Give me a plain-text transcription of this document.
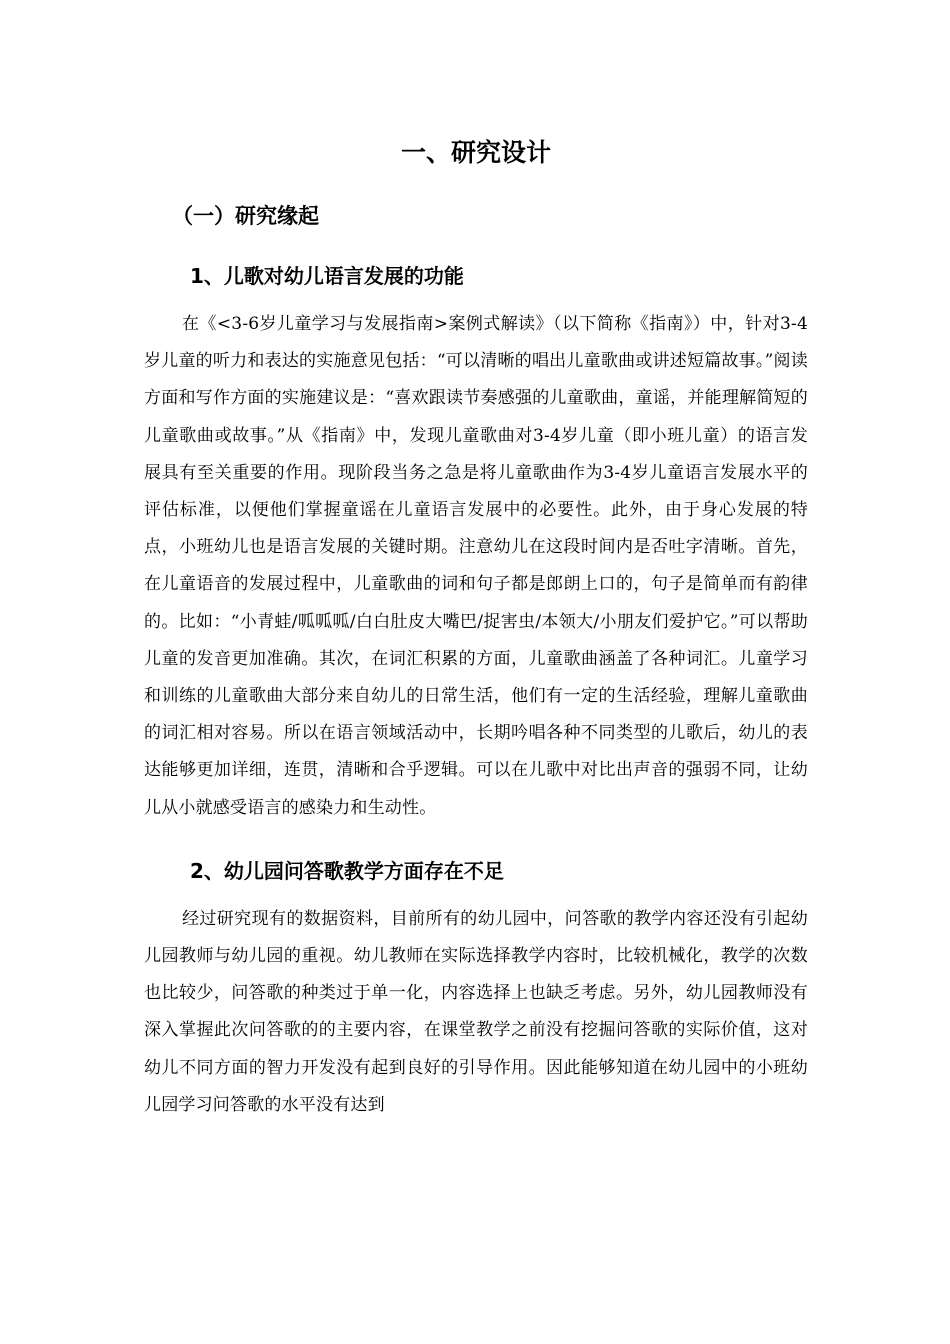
一、研究设计
（一）研究缘起
1、儿歌对幼儿语言发展的功能

在《<3-6岁儿童学习与发展指南>案例式解读》（以下简称《指南》）中，针对3-4岁儿童的听力和表达的实施意见包括：“可以清晰的唱出儿童歌曲或讲述短篇故事。”阅读方面和写作方面的实施建议是：“喜欢跟读节奏感强的儿童歌曲，童谣，并能理解简短的儿童歌曲或故事。”从《指南》中，发现儿童歌曲对3-4岁儿童（即小班儿童）的语言发展具有至关重要的作用。现阶段当务之急是将儿童歌曲作为3-4岁儿童语言发展水平的评估标准，以便他们掌握童谣在儿童语言发展中的必要性。此外，由于身心发展的特点，小班幼儿也是语言发展的关键时期。注意幼儿在这段时间内是否吐字清晰。首先，在儿童语音的发展过程中，儿童歌曲的词和句子都是郎朗上口的，句子是简单而有韵律的。比如：“小青蛙/呱呱呱/白白肚皮大嘴巴/捉害虫/本领大/小朋友们爱护它。”可以帮助儿童的发音更加准确。其次，在词汇积累的方面，儿童歌曲涵盖了各种词汇。儿童学习和训练的儿童歌曲大部分来自幼儿的日常生活，他们有一定的生活经验，理解儿童歌曲的词汇相对容易。所以在语言领域活动中，长期吟唱各种不同类型的儿歌后，幼儿的表达能够更加详细，连贯，清晰和合乎逻辑。可以在儿歌中对比出声音的强弱不同，让幼儿从小就感受语言的感染力和生动性。

2、幼儿园问答歌教学方面存在不足

经过研究现有的数据资料，目前所有的幼儿园中，问答歌的教学内容还没有引起幼儿园教师与幼儿园的重视。幼儿教师在实际选择教学内容时，比较机械化，教学的次数也比较少，问答歌的种类过于单一化，内容选择上也缺乏考虑。另外，幼儿园教师没有深入掌握此次问答歌的的主要内容，在课堂教学之前没有挖掘问答歌的实际价值，这对幼儿不同方面的智力开发没有起到良好的引导作用。因此能够知道在幼儿园中的小班幼儿园学习问答歌的水平没有达到
